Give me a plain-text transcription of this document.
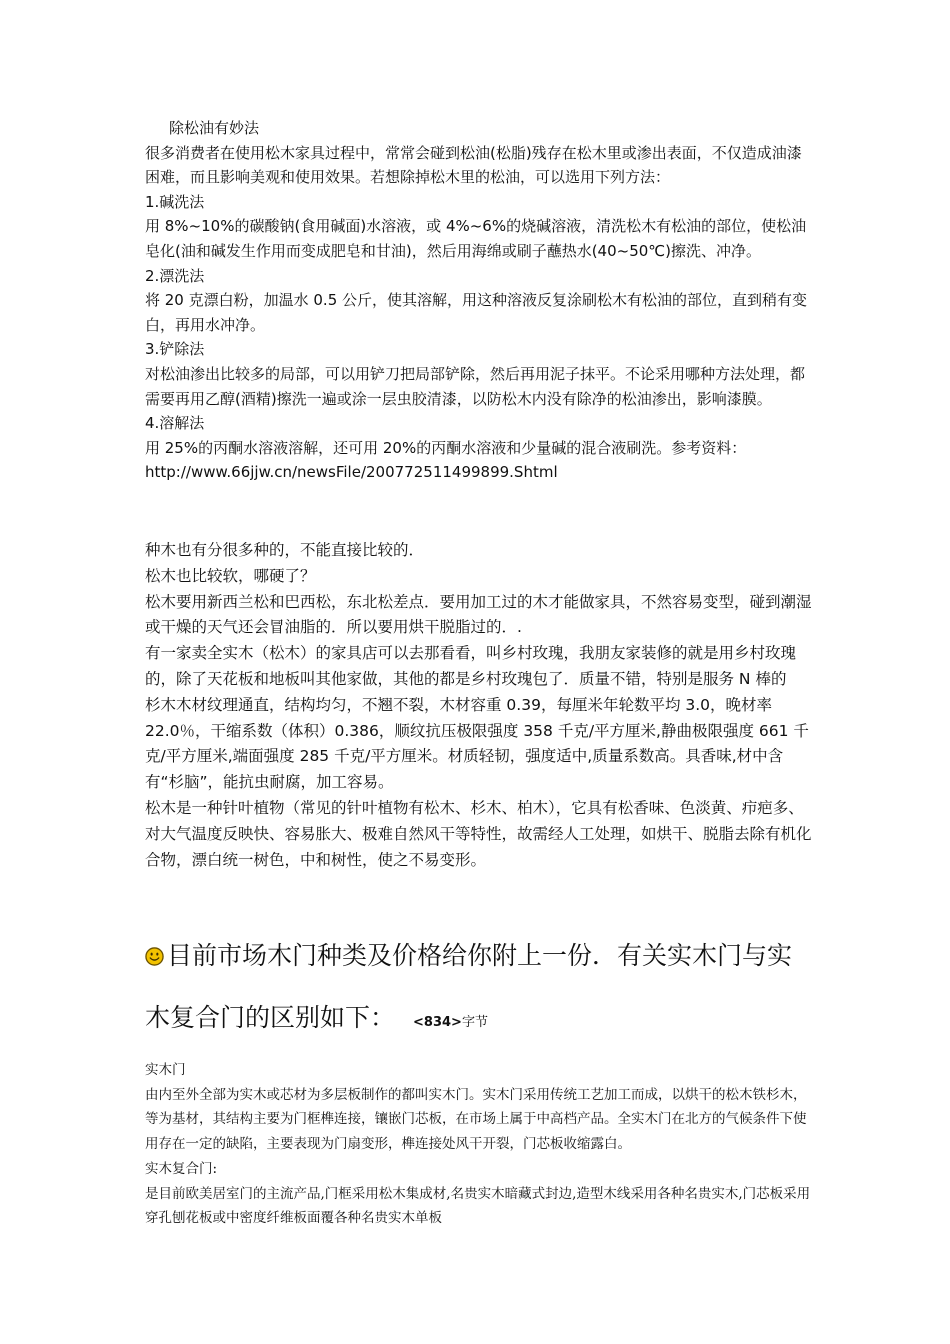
除松油有妙法

很多消费者在使用松木家具过程中，常常会碰到松油(松脂)残存在松木里或渗出表面，不仅造成油漆困难，而且影响美观和使用效果。若想除掉松木里的松油，可以选用下列方法：

1.碱洗法

用 8%~10%的碳酸钠(食用碱面)水溶液，或 4%~6%的烧碱溶液，清洗松木有松油的部位，使松油皂化(油和碱发生作用而变成肥皂和甘油)，然后用海绵或刷子蘸热水(40~50℃)擦洗、冲净。

2.漂洗法

将 20 克漂白粉，加温水 0.5 公斤，使其溶解，用这种溶液反复涂刷松木有松油的部位，直到稍有变白，再用水冲净。

3.铲除法

对松油渗出比较多的局部，可以用铲刀把局部铲除，然后再用泥子抹平。不论采用哪种方法处理，都需要再用乙醇(酒精)擦洗一遍或涂一层虫胶清漆，以防松木内没有除净的松油渗出，影响漆膜。

4.溶解法

用 25%的丙酮水溶液溶解，还可用 20%的丙酮水溶液和少量碱的混合液刷洗。参考资料：

http://www.66jjw.cn/newsFile/200772511499899.Shtml

种木也有分很多种的，不能直接比较的．

松木也比较软，哪硬了？

松木要用新西兰松和巴西松，东北松差点．要用加工过的木才能做家具，不然容易变型，碰到潮湿或干燥的天气还会冒油脂的．所以要用烘干脱脂过的．.

有一家卖全实木（松木）的家具店可以去那看看，叫乡村玫瑰，我朋友家装修的就是用乡村玫瑰的，除了天花板和地板叫其他家做，其他的都是乡村玫瑰包了．质量不错，特别是服务 N 棒的

杉木木材纹理通直，结构均匀，不翘不裂，木材容重 0.39，每厘米年轮数平均 3.0，晚材率 22.0％，干缩系数（体积）0.386，顺纹抗压极限强度 358 千克/平方厘米,静曲极限强度 661 千克/平方厘米,端面强度 285 千克/平方厘米。材质轻韧，强度适中,质量系数高。具香味,材中含有“杉脑”，能抗虫耐腐，加工容易。

松木是一种针叶植物（常见的针叶植物有松木、杉木、柏木），它具有松香味、色淡黄、疖疤多、对大气温度反映快、容易胀大、极难自然风干等特性，故需经人工处理，如烘干、脱脂去除有机化合物，漂白统一树色，中和树性，使之不易变形。

目前市场木门种类及价格给你附上一份．有关实木门与实木复合门的区别如下： <834>字节

实木门

由内至外全部为实木或芯材为多层板制作的都叫实木门。实木门采用传统工艺加工而成，以烘干的松木铁杉木，等为基材，其结构主要为门框榫连接，镶嵌门芯板，在市场上属于中高档产品。全实木门在北方的气候条件下使用存在一定的缺陷，主要表现为门扇变形，榫连接处风干开裂，门芯板收缩露白。

实木复合门:

是目前欧美居室门的主流产品,门框采用松木集成材,名贵实木暗藏式封边,造型木线采用各种名贵实木,门芯板采用穿孔刨花板或中密度纤维板面覆各种名贵实木单板
